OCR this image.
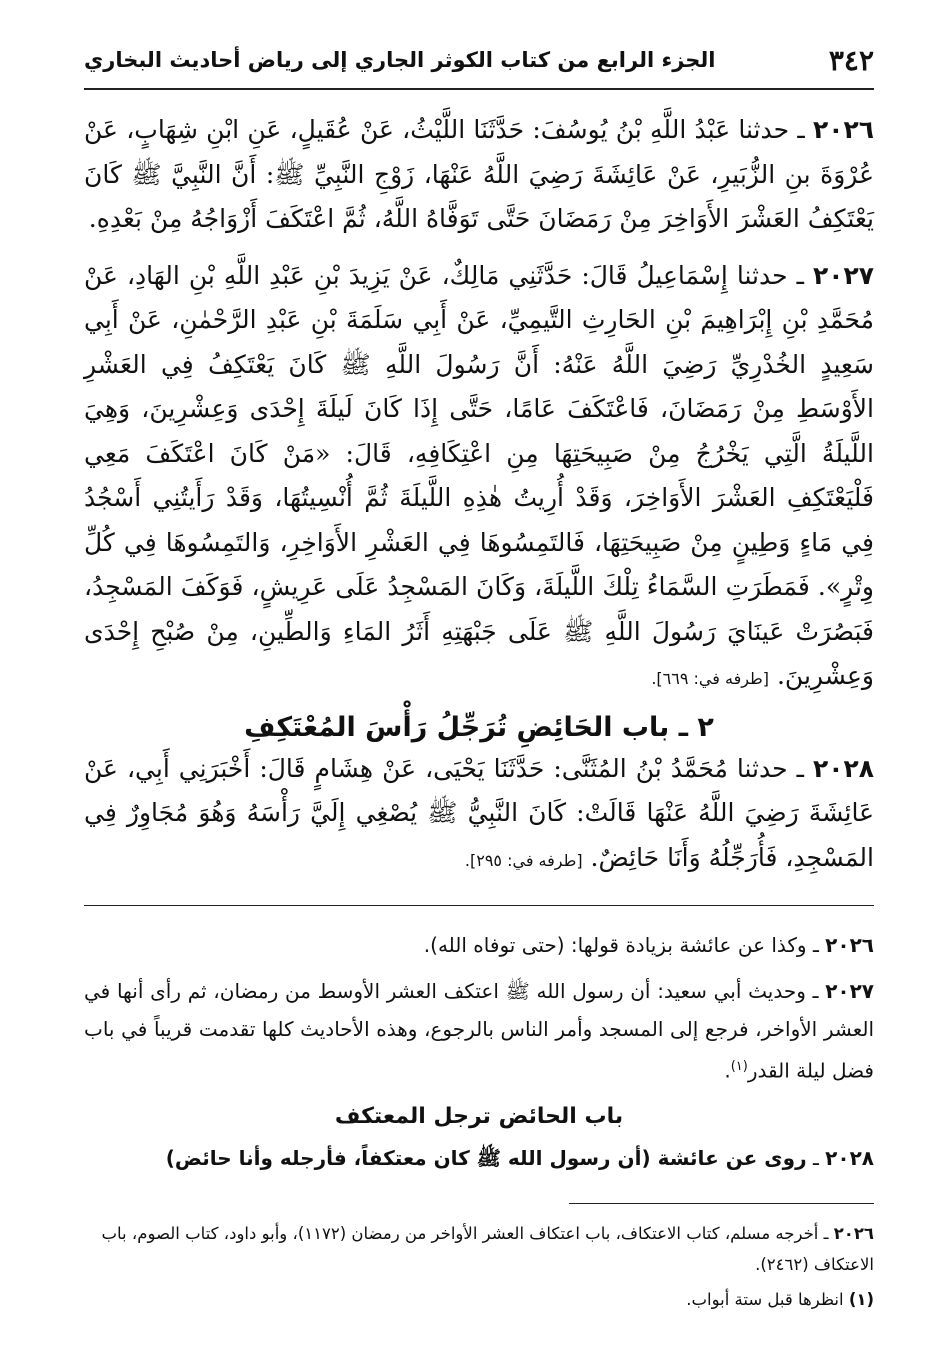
٣٤٢
الجزء الرابع من كتاب الكوثر الجاري إلى رياض أحاديث البخاري

٢٠٢٦ ـ حدثنا عَبْدُ اللَّهِ بْنُ يُوسُفَ: حَدَّثَنَا اللَّيْثُ، عَنْ عُقَيلٍ، عَنِ ابْنِ شِهَابٍ، عَنْ عُرْوَةَ بنِ الزُّبَيرِ، عَنْ عَائِشَةَ رَضِيَ اللَّهُ عَنْهَا، زَوْجِ النَّبِيِّ ﷺ: أَنَّ النَّبِيَّ ﷺ كَانَ يَعْتَكِفُ العَشْرَ الأَوَاخِرَ مِنْ رَمَضَانَ حَتَّى تَوَفَّاهُ اللَّهُ، ثُمَّ اعْتَكَفَ أَزْوَاجُهُ مِنْ بَعْدِهِ.

٢٠٢٧ ـ حدثنا إِسْمَاعِيلُ قَالَ: حَدَّثَنِي مَالِكٌ، عَنْ يَزِيدَ بْنِ عَبْدِ اللَّهِ بْنِ الهَادِ، عَنْ مُحَمَّدِ بْنِ إِبْرَاهِيمَ بْنِ الحَارِثِ التَّيمِيِّ، عَنْ أَبِي سَلَمَةَ بْنِ عَبْدِ الرَّحْمٰنِ، عَنْ أَبِي سَعِيدٍ الخُدْرِيِّ رَضِيَ اللَّهُ عَنْهُ: أَنَّ رَسُولَ اللَّهِ ﷺ كَانَ يَعْتَكِفُ فِي العَشْرِ الأَوْسَطِ مِنْ رَمَضَانَ، فَاعْتَكَفَ عَامًا، حَتَّى إِذَا كَانَ لَيلَةَ إِحْدَى وَعِشْرِينَ، وَهِيَ اللَّيلَةُ الَّتِي يَخْرُجُ مِنْ صَبِيحَتِهَا مِنِ اعْتِكَافِهِ، قَالَ: «مَنْ كَانَ اعْتَكَفَ مَعِي فَلْيَعْتَكِفِ العَشْرَ الأَوَاخِرَ، وَقَدْ أُرِيتُ هٰذِهِ اللَّيلَةَ ثُمَّ أُنْسِيتُهَا، وَقَدْ رَأَيتُنِي أَسْجُدُ فِي مَاءٍ وَطِينٍ مِنْ صَبِيحَتِهَا، فَالتَمِسُوهَا فِي العَشْرِ الأَوَاخِرِ، وَالتَمِسُوهَا فِي كُلِّ وِتْرٍ». فَمَطَرَتِ السَّمَاءُ تِلْكَ اللَّيلَةَ، وَكَانَ المَسْجِدُ عَلَى عَرِيشٍ، فَوَكَفَ المَسْجِدُ، فَبَصُرَتْ عَينَايَ رَسُولَ اللَّهِ ﷺ عَلَى جَبْهَتِهِ أَثَرُ المَاءِ وَالطِّينِ، مِنْ صُبْحِ إِحْدَى وَعِشْرِينَ. [طرفه في: ٦٦٩].

٢ ـ باب الحَائِضِ تُرَجِّلُ رَأْسَ المُعْتَكِفِ

٢٠٢٨ ـ حدثنا مُحَمَّدُ بْنُ المُثَنَّى: حَدَّثَنَا يَحْيَى، عَنْ هِشَامٍ قَالَ: أَخْبَرَنِي أَبِي، عَنْ عَائِشَةَ رَضِيَ اللَّهُ عَنْهَا قَالَتْ: كَانَ النَّبِيُّ ﷺ يُصْغِي إِلَيَّ رَأْسَهُ وَهُوَ مُجَاوِرٌ فِي المَسْجِدِ، فَأُرَجِّلُهُ وَأَنَا حَائِضٌ. [طرفه في: ٢٩٥].

٢٠٢٦ ـ وكذا عن عائشة بزيادة قولها: (حتى توفاه الله).

٢٠٢٧ ـ وحديث أبي سعيد: أن رسول الله ﷺ اعتكف العشر الأوسط من رمضان، ثم رأى أنها في العشر الأواخر، فرجع إلى المسجد وأمر الناس بالرجوع، وهذه الأحاديث كلها تقدمت قريباً في باب فضل ليلة القدر$^{(١)}$.

باب الحائض ترجل المعتكف

٢٠٢٨ ـ روى عن عائشة (أن رسول الله ﷺ كان معتكفاً، فأرجله وأنا حائض)

٢٠٢٦ ـ أخرجه مسلم، كتاب الاعتكاف، باب اعتكاف العشر الأواخر من رمضان (١١٧٢)، وأبو داود، كتاب الصوم، باب الاعتكاف (٢٤٦٢).

(١) انظرها قبل ستة أبواب.
